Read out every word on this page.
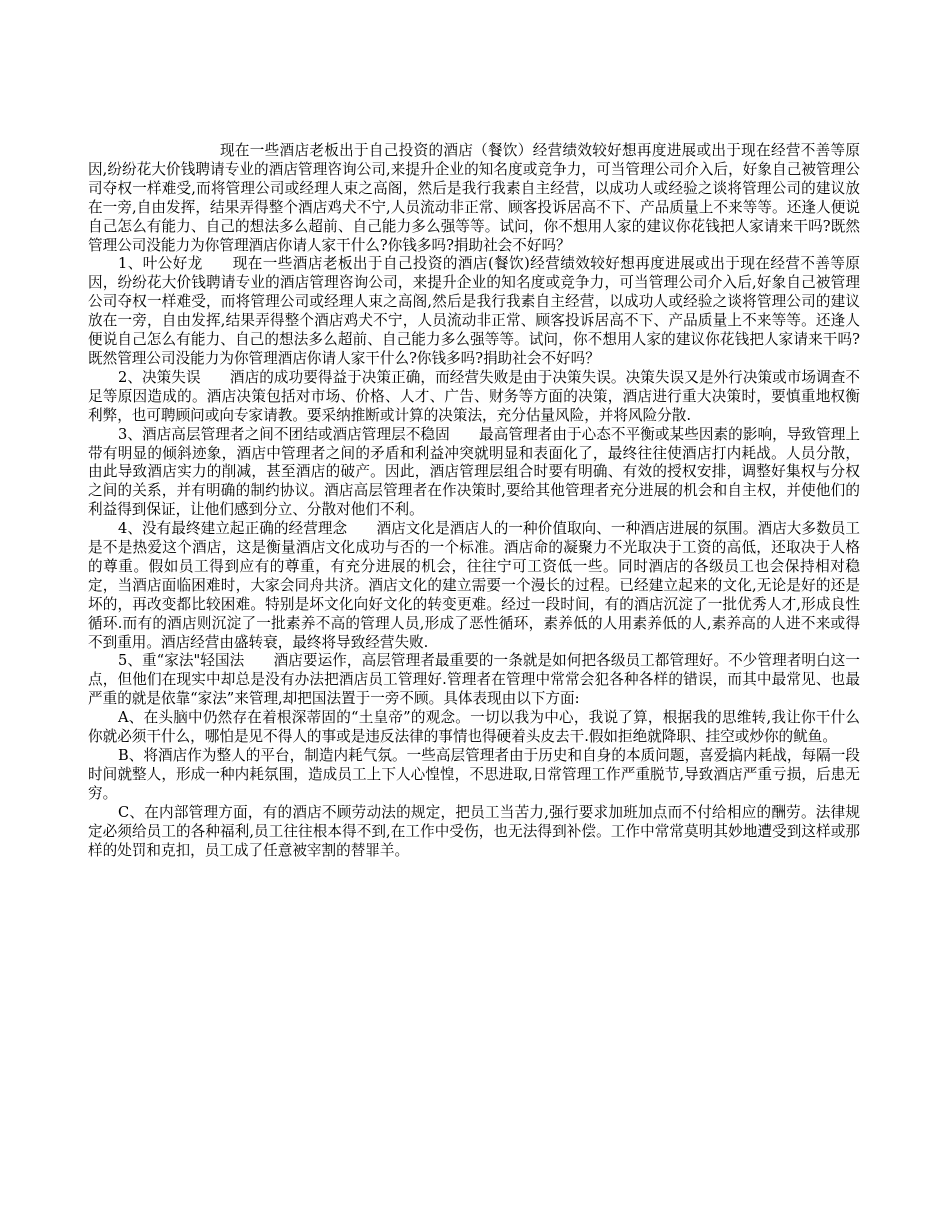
现在一些酒店老板出于自己投资的酒店（餐饮）经营绩效较好想再度进展或出于现在经营不善等原因,纷纷花大价钱聘请专业的酒店管理咨询公司,来提升企业的知名度或竞争力，可当管理公司介入后，好象自己被管理公司夺权一样难受,而将管理公司或经理人束之高阁，然后是我行我素自主经营，以成功人或经验之谈将管理公司的建议放在一旁,自由发挥，结果弄得整个酒店鸡犬不宁,人员流动非正常、顾客投诉居高不下、产品质量上不来等等。还逢人便说自己怎么有能力、自己的想法多么超前、自己能力多么强等等。试问，你不想用人家的建议你花钱把人家请来干吗?既然管理公司没能力为你管理酒店你请人家干什么?你钱多吗?捐助社会不好吗？

1、叶公好龙　　现在一些酒店老板出于自己投资的酒店(餐饮)经营绩效较好想再度进展或出于现在经营不善等原因，纷纷花大价钱聘请专业的酒店管理咨询公司，来提升企业的知名度或竞争力，可当管理公司介入后,好象自己被管理公司夺权一样难受，而将管理公司或经理人束之高阁,然后是我行我素自主经营，以成功人或经验之谈将管理公司的建议放在一旁，自由发挥,结果弄得整个酒店鸡犬不宁，人员流动非正常、顾客投诉居高不下、产品质量上不来等等。还逢人便说自己怎么有能力、自己的想法多么超前、自己能力多么强等等。试问，你不想用人家的建议你花钱把人家请来干吗?既然管理公司没能力为你管理酒店你请人家干什么?你钱多吗?捐助社会不好吗？

2、决策失误　　酒店的成功要得益于决策正确，而经营失败是由于决策失误。决策失误又是外行决策或市场调查不足等原因造成的。酒店决策包括对市场、价格、人才、广告、财务等方面的决策，酒店进行重大决策时，要慎重地权衡利弊，也可聘顾问或向专家请教。要采纳推断或计算的决策法，充分估量风险，并将风险分散.

3、酒店高层管理者之间不团结或酒店管理层不稳固　　最高管理者由于心态不平衡或某些因素的影响，导致管理上带有明显的倾斜迹象，酒店中管理者之间的矛盾和利益冲突就明显和表面化了，最终往往使酒店打内耗战。人员分散，由此导致酒店实力的削减，甚至酒店的破产。因此，酒店管理层组合时要有明确、有效的授权安排，调整好集权与分权之间的关系，并有明确的制约协议。酒店高层管理者在作决策时,要给其他管理者充分进展的机会和自主权，并使他们的利益得到保证，让他们感到分立、分散对他们不利。

4、没有最终建立起正确的经营理念　　酒店文化是酒店人的一种价值取向、一种酒店进展的氛围。酒店大多数员工是不是热爱这个酒店，这是衡量酒店文化成功与否的一个标准。酒店命的凝聚力不光取决于工资的高低，还取决于人格的尊重。假如员工得到应有的尊重，有充分进展的机会，往往宁可工资低一些。同时酒店的各级员工也会保持相对稳定，当酒店面临困难时，大家会同舟共济。酒店文化的建立需要一个漫长的过程。已经建立起来的文化,无论是好的还是坏的，再改变都比较困难。特别是坏文化向好文化的转变更难。经过一段时间，有的酒店沉淀了一批优秀人才,形成良性循环.而有的酒店则沉淀了一批素养不高的管理人员,形成了恶性循环，素养低的人用素养低的人,素养高的人进不来或得不到重用。酒店经营由盛转衰，最终将导致经营失败.

5、重“家法"轻国法　　酒店要运作，高层管理者最重要的一条就是如何把各级员工都管理好。不少管理者明白这一点，但他们在现实中却总是没有办法把酒店员工管理好.管理者在管理中常常会犯各种各样的错误，而其中最常见、也最严重的就是依靠“家法”来管理,却把国法置于一旁不顾。具体表现由以下方面:

A、在头脑中仍然存在着根深蒂固的“土皇帝”的观念。一切以我为中心，我说了算，根据我的思维转,我让你干什么你就必须干什么，哪怕是见不得人的事或是违反法律的事情也得硬着头皮去干.假如拒绝就降职、挂空或炒你的鱿鱼。

B、将酒店作为整人的平台，制造内耗气氛。一些高层管理者由于历史和自身的本质问题，喜爱搞内耗战，每隔一段时间就整人，形成一种内耗氛围，造成员工上下人心惶惶，不思进取,日常管理工作严重脱节,导致酒店严重亏损，后患无穷。

C、在内部管理方面，有的酒店不顾劳动法的规定，把员工当苦力,强行要求加班加点而不付给相应的酬劳。法律规定必须给员工的各种福利,员工往往根本得不到,在工作中受伤，也无法得到补偿。工作中常常莫明其妙地遭受到这样或那样的处罚和克扣，员工成了任意被宰割的替罪羊。
